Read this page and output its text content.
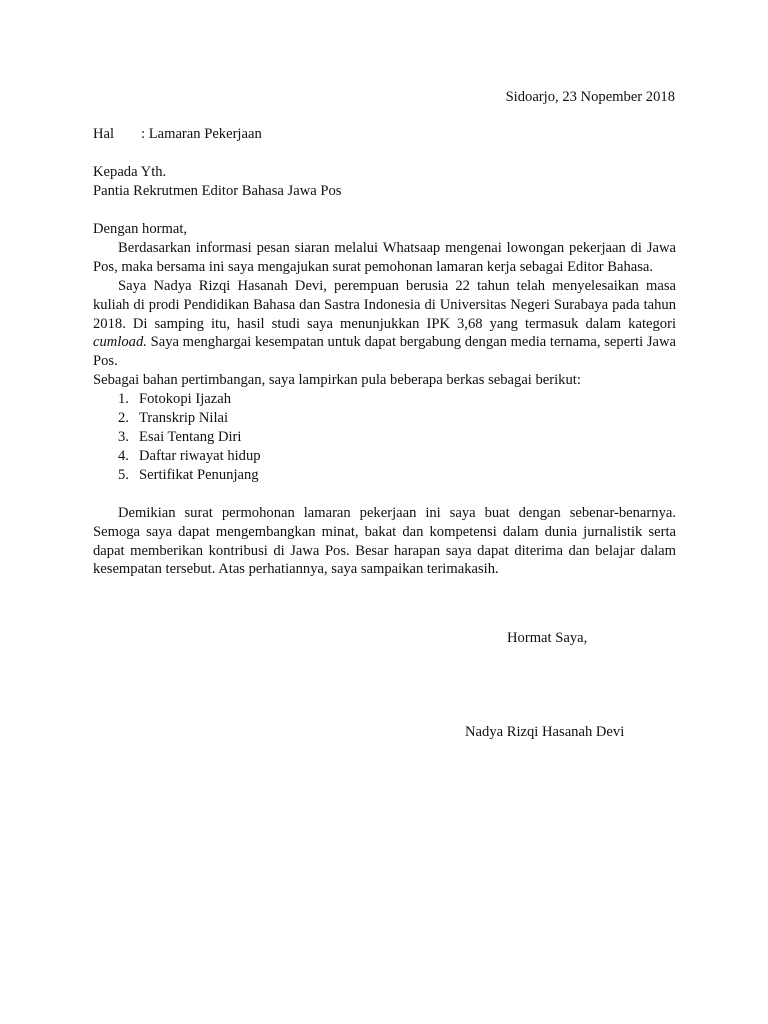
Sidoarjo, 23 Nopember 2018
Hal : Lamaran Pekerjaan
Kepada Yth.
Pantia Rekrutmen Editor Bahasa Jawa Pos

Dengan hormat,

Berdasarkan informasi pesan siaran melalui Whatsaap mengenai lowongan pekerjaan di Jawa Pos, maka bersama ini saya mengajukan surat pemohonan lamaran kerja sebagai Editor Bahasa.

Saya Nadya Rizqi Hasanah Devi, perempuan berusia 22 tahun telah menyelesaikan masa kuliah di prodi Pendidikan Bahasa dan Sastra Indonesia di Universitas Negeri Surabaya pada tahun 2018. Di samping itu, hasil studi saya menunjukkan IPK 3,68 yang termasuk dalam kategori cumload. Saya menghargai kesempatan untuk dapat bergabung dengan media ternama, seperti Jawa Pos.

Sebagai bahan pertimbangan, saya lampirkan pula beberapa berkas sebagai berikut:

1. Fotokopi Ijazah
2. Transkrip Nilai
3. Esai Tentang Diri
4. Daftar riwayat hidup
5. Sertifikat Penunjang

Demikian surat permohonan lamaran pekerjaan ini saya buat dengan sebenar-benarnya. Semoga saya dapat mengembangkan minat, bakat dan kompetensi dalam dunia jurnalistik serta dapat memberikan kontribusi di Jawa Pos. Besar harapan saya dapat diterima dan belajar dalam kesempatan tersebut. Atas perhatiannya, saya sampaikan terimakasih.

Hormat Saya,
Nadya Rizqi Hasanah Devi
